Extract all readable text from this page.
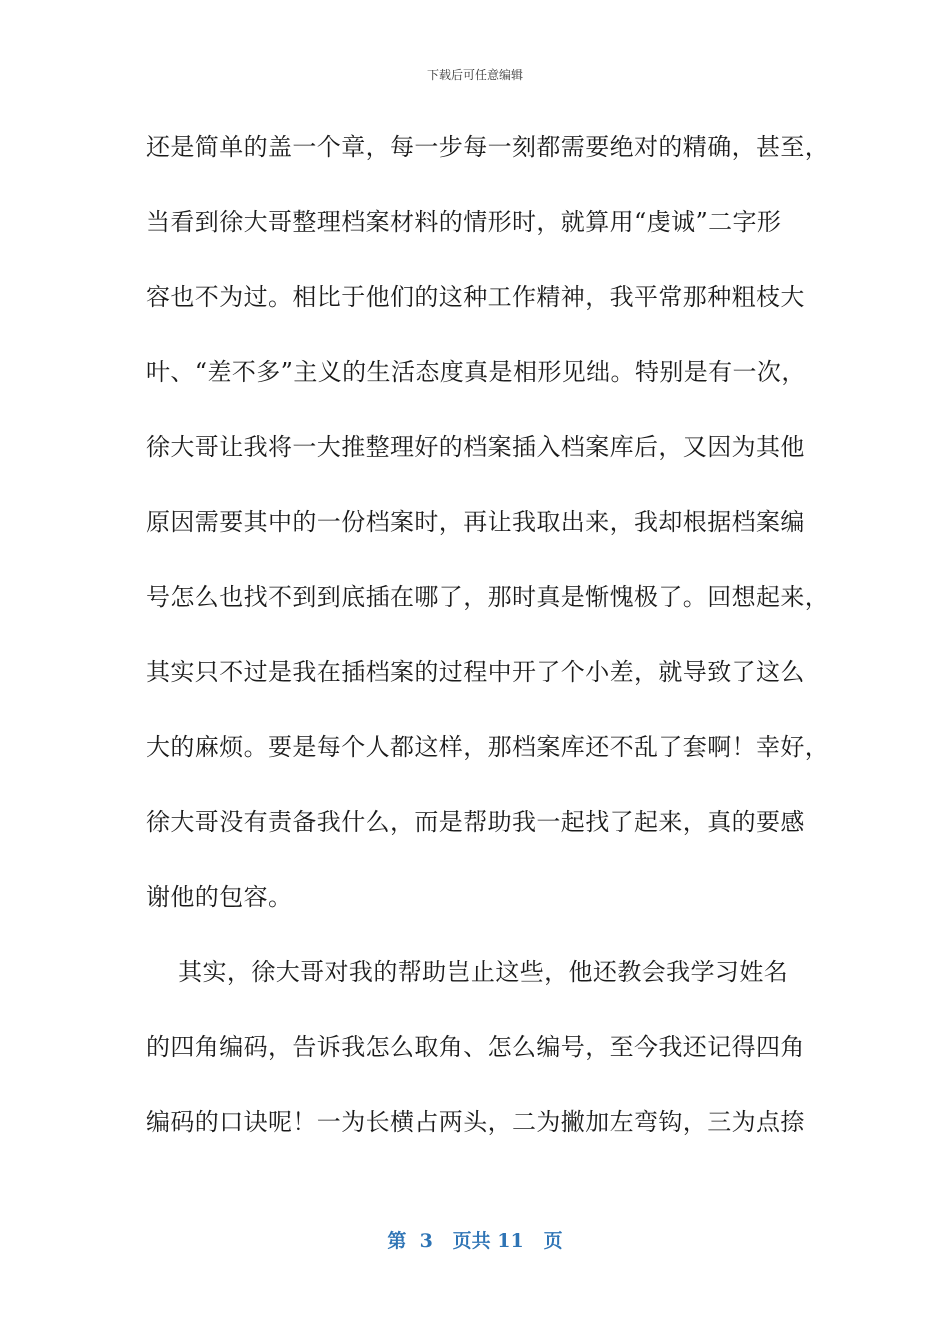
下载后可任意编辑
还是简单的盖一个章，每一步每一刻都需要绝对的精确，甚至，
当看到徐大哥整理档案材料的情形时，就算用“虔诚”二字形
容也不为过。相比于他们的这种工作精神，我平常那种粗枝大
叶、“差不多”主义的生活态度真是相形见绌。特别是有一次，
徐大哥让我将一大推整理好的档案插入档案库后，又因为其他
原因需要其中的一份档案时，再让我取出来，我却根据档案编
号怎么也找不到到底插在哪了，那时真是惭愧极了。回想起来，
其实只不过是我在插档案的过程中开了个小差，就导致了这么
大的麻烦。要是每个人都这样，那档案库还不乱了套啊！幸好，
徐大哥没有责备我什么，而是帮助我一起找了起来，真的要感
谢他的包容。
其实，徐大哥对我的帮助岂止这些，他还教会我学习姓名
的四角编码，告诉我怎么取角、怎么编号，至今我还记得四角
编码的口诀呢！一为长横占两头，二为撇加左弯钩，三为点捺
第  3   页共 11   页
